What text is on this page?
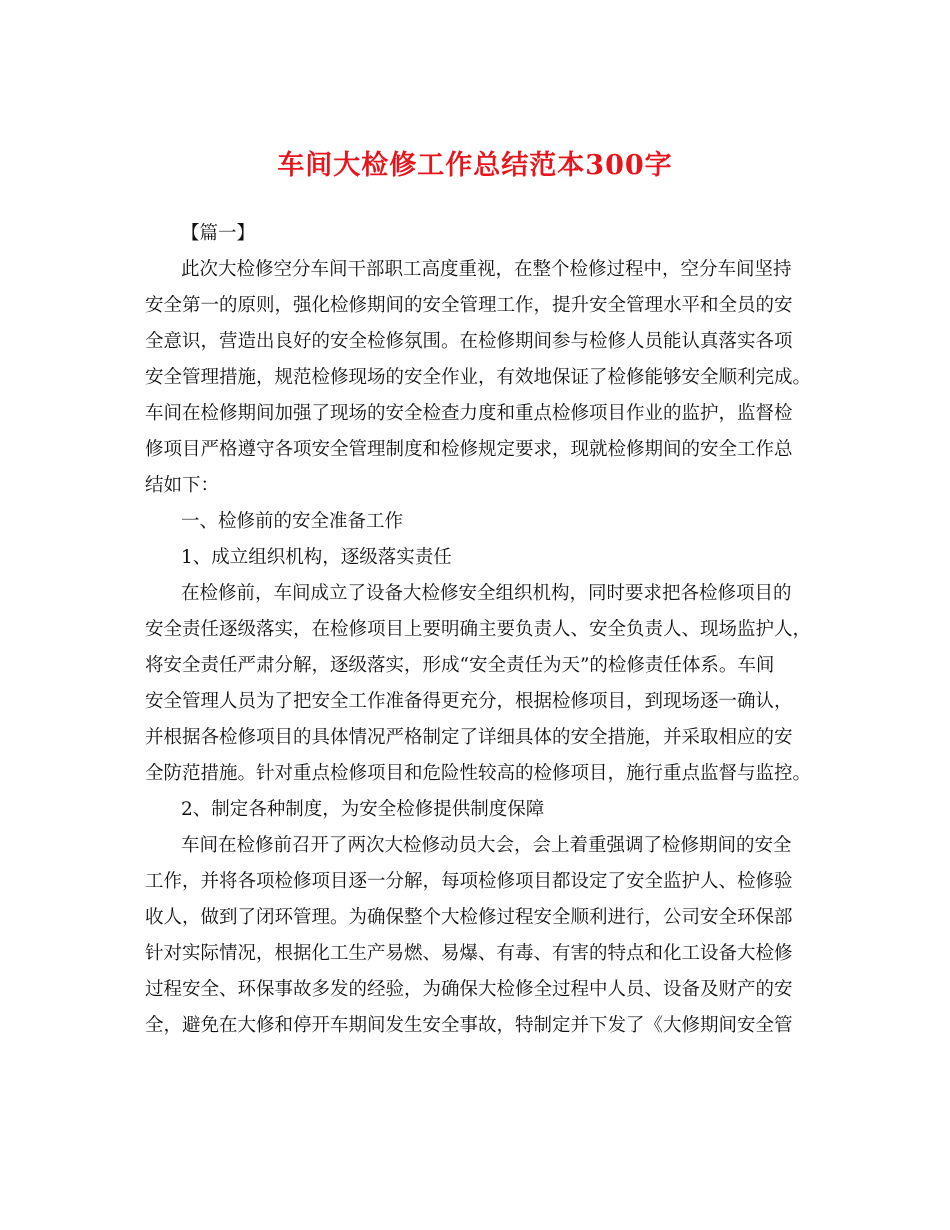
车间大检修工作总结范本300字
【篇一】
此次大检修空分车间干部职工高度重视，在整个检修过程中，空分车间坚持
安全第一的原则，强化检修期间的安全管理工作，提升安全管理水平和全员的安
全意识，营造出良好的安全检修氛围。在检修期间参与检修人员能认真落实各项
安全管理措施，规范检修现场的安全作业，有效地保证了检修能够安全顺利完成。
车间在检修期间加强了现场的安全检查力度和重点检修项目作业的监护，监督检
修项目严格遵守各项安全管理制度和检修规定要求，现就检修期间的安全工作总
结如下：
一、检修前的安全准备工作
1、成立组织机构，逐级落实责任
在检修前，车间成立了设备大检修安全组织机构，同时要求把各检修项目的
安全责任逐级落实，在检修项目上要明确主要负责人、安全负责人、现场监护人，
将安全责任严肃分解，逐级落实，形成“安全责任为天”的检修责任体系。车间
安全管理人员为了把安全工作准备得更充分，根据检修项目，到现场逐一确认，
并根据各检修项目的具体情况严格制定了详细具体的安全措施，并采取相应的安
全防范措施。针对重点检修项目和危险性较高的检修项目，施行重点监督与监控。
2、制定各种制度，为安全检修提供制度保障
车间在检修前召开了两次大检修动员大会，会上着重强调了检修期间的安全
工作，并将各项检修项目逐一分解，每项检修项目都设定了安全监护人、检修验
收人，做到了闭环管理。为确保整个大检修过程安全顺利进行，公司安全环保部
针对实际情况，根据化工生产易燃、易爆、有毒、有害的特点和化工设备大检修
过程安全、环保事故多发的经验，为确保大检修全过程中人员、设备及财产的安
全，避免在大修和停开车期间发生安全事故，特制定并下发了《大修期间安全管
